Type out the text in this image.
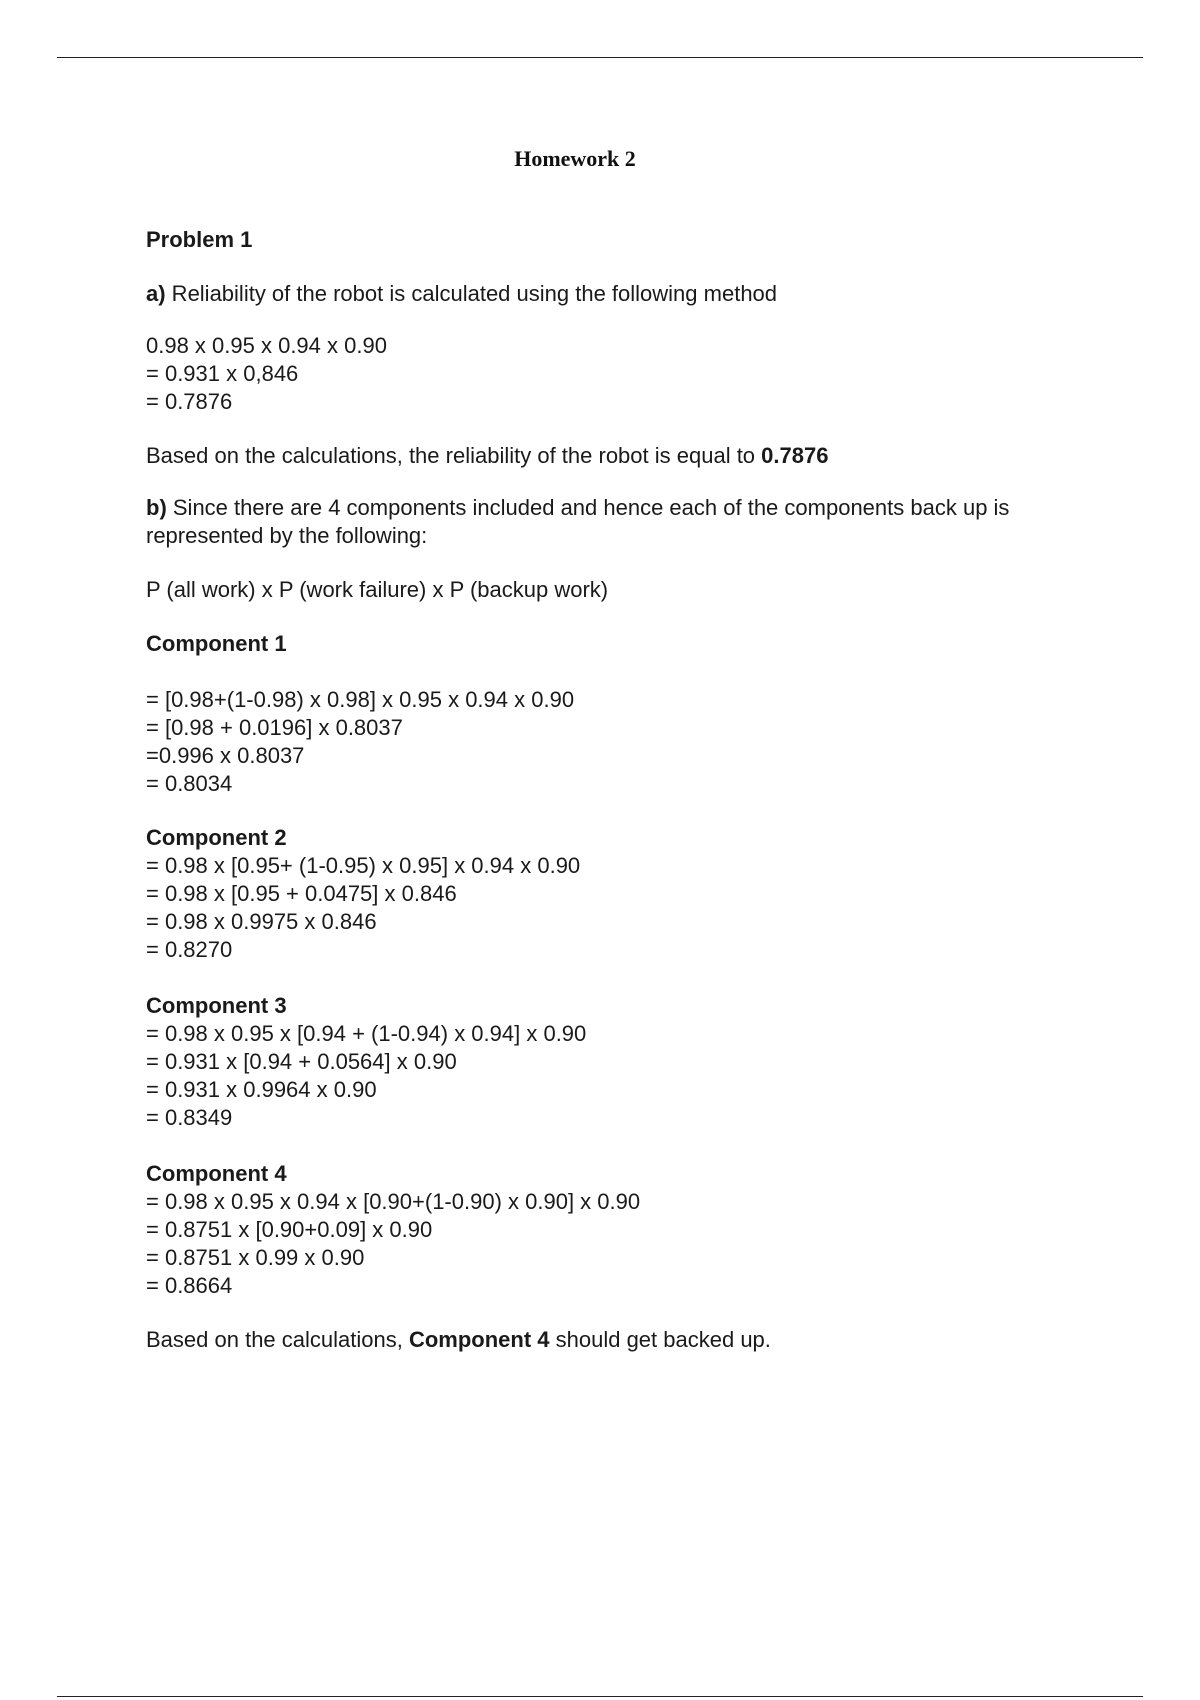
Homework 2

Problem 1

a) Reliability of the robot is calculated using the following method

0.98 x 0.95 x 0.94 x 0.90
= 0.931 x 0,846
= 0.7876

Based on the calculations, the reliability of the robot is equal to 0.7876

b) Since there are 4 components included and hence each of the components back up is represented by the following:

P (all work) x P (work failure) x P (backup work)

Component 1

= [0.98+(1-0.98) x 0.98] x 0.95 x 0.94 x 0.90
= [0.98 + 0.0196] x 0.8037
=0.996 x 0.8037
= 0.8034

Component 2
= 0.98 x [0.95+ (1-0.95) x 0.95] x 0.94 x 0.90
= 0.98 x [0.95 + 0.0475] x 0.846
= 0.98 x 0.9975 x 0.846
= 0.8270

Component 3
= 0.98 x 0.95 x [0.94 + (1-0.94) x 0.94] x 0.90
= 0.931 x [0.94 + 0.0564] x 0.90
= 0.931 x 0.9964 x 0.90
= 0.8349

Component 4
= 0.98 x 0.95 x 0.94 x [0.90+(1-0.90) x 0.90] x 0.90
= 0.8751 x [0.90+0.09] x 0.90
= 0.8751 x 0.99 x 0.90
= 0.8664

Based on the calculations, Component 4 should get backed up.
